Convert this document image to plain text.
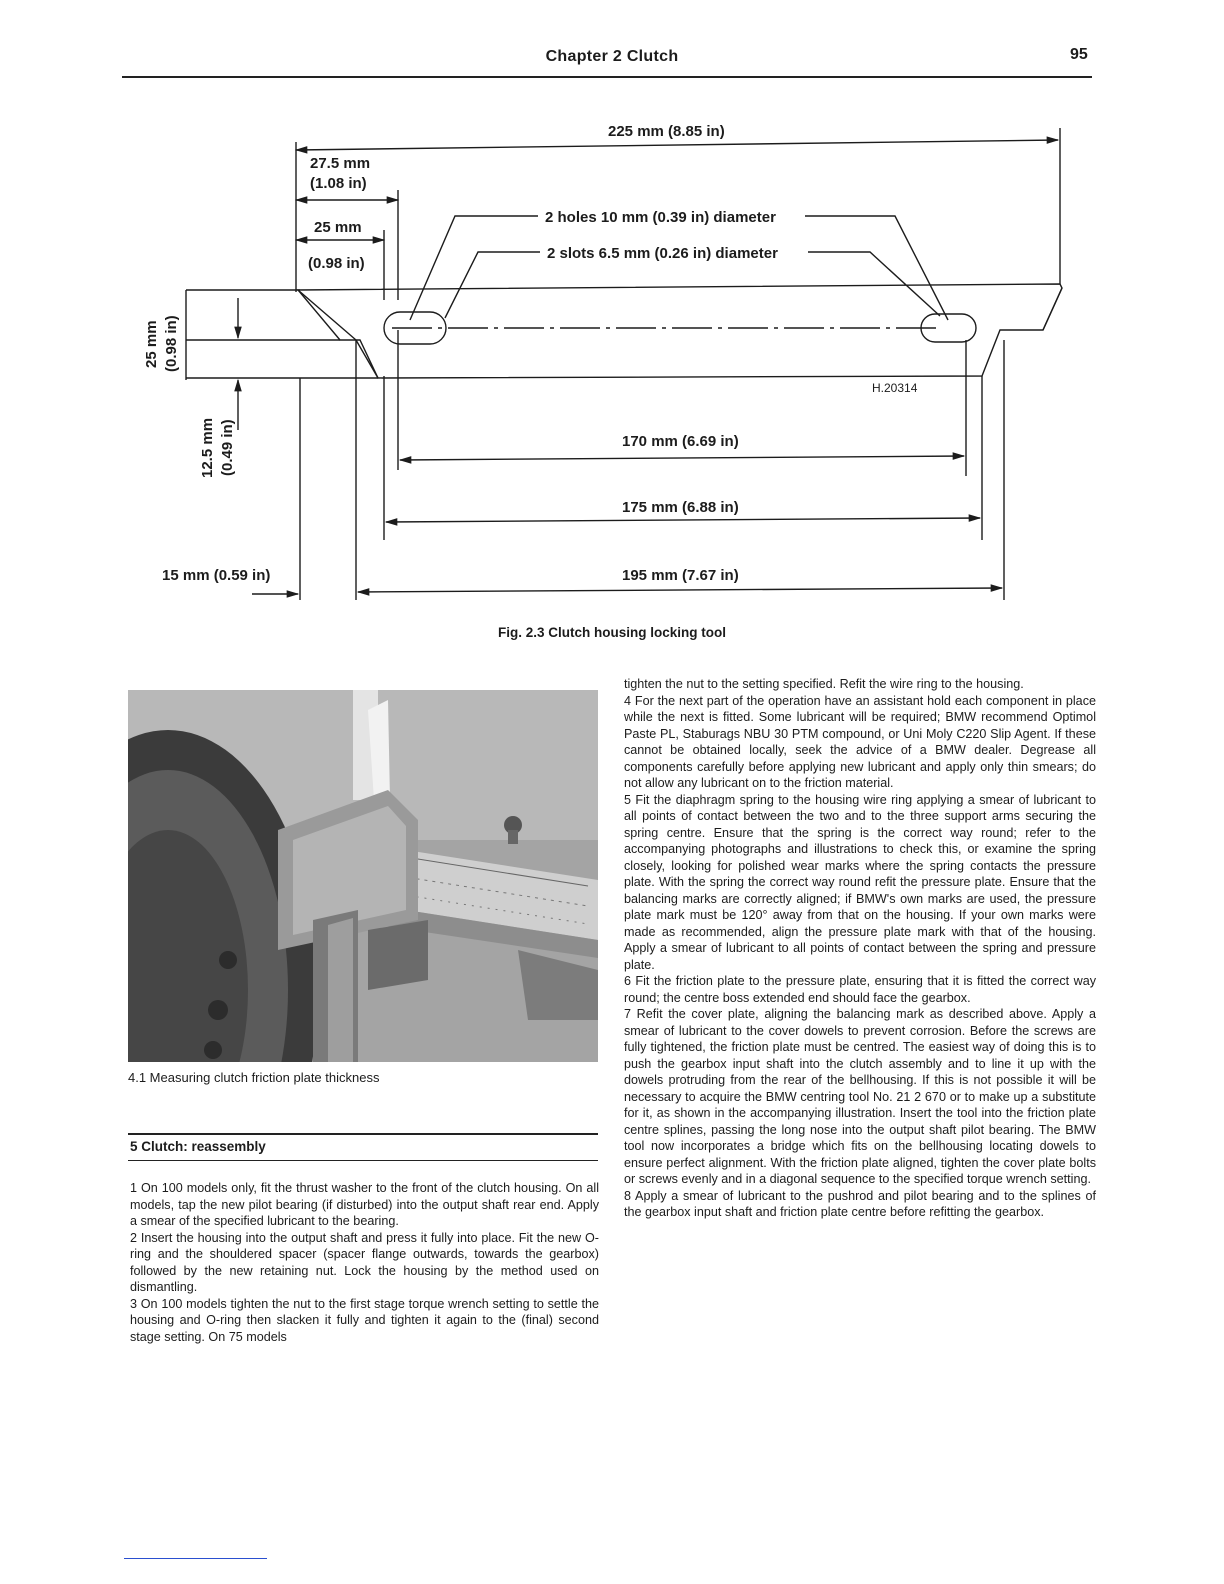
Chapter 2 Clutch	95
225 mm (8.85 in)
27.5 mm
(1.08 in)
25 mm
(0.98 in)
2 holes 10 mm (0.39 in) diameter
2 slots 6.5 mm (0.26 in) diameter
25 mm (0.98 in)
12.5 mm (0.49 in)
H.20314
170 mm (6.69 in)
175 mm (6.88 in)
15 mm (0.59 in)	195 mm (7.67 in)
Fig. 2.3 Clutch housing locking tool
4.1 Measuring clutch friction plate thickness
5 Clutch: reassembly

1 On 100 models only, fit the thrust washer to the front of the clutch housing. On all models, tap the new pilot bearing (if disturbed) into the output shaft rear end. Apply a smear of the specified lubricant to the bearing.

2 Insert the housing into the output shaft and press it fully into place. Fit the new O-ring and the shouldered spacer (spacer flange outwards, towards the gearbox) followed by the new retaining nut. Lock the housing by the method used on dismantling.

3 On 100 models tighten the nut to the first stage torque wrench setting to settle the housing and O-ring then slacken it fully and tighten it again to the (final) second stage setting. On 75 models

tighten the nut to the setting specified. Refit the wire ring to the housing.

4 For the next part of the operation have an assistant hold each component in place while the next is fitted. Some lubricant will be required; BMW recommend Optimol Paste PL, Staburags NBU 30 PTM compound, or Uni Moly C220 Slip Agent. If these cannot be obtained locally, seek the advice of a BMW dealer. Degrease all components carefully before applying new lubricant and apply only thin smears; do not allow any lubricant on to the friction material.

5 Fit the diaphragm spring to the housing wire ring applying a smear of lubricant to all points of contact between the two and to the three support arms securing the spring centre. Ensure that the spring is the correct way round; refer to the accompanying photographs and illustrations to check this, or examine the spring closely, looking for polished wear marks where the spring contacts the pressure plate. With the spring the correct way round refit the pressure plate. Ensure that the balancing marks are correctly aligned; if BMW's own marks are used, the pressure plate mark must be 120° away from that on the housing. If your own marks were made as recommended, align the pressure plate mark with that of the housing. Apply a smear of lubricant to all points of contact between the spring and pressure plate.

6 Fit the friction plate to the pressure plate, ensuring that it is fitted the correct way round; the centre boss extended end should face the gearbox.

7 Refit the cover plate, aligning the balancing mark as described above. Apply a smear of lubricant to the cover dowels to prevent corrosion. Before the screws are fully tightened, the friction plate must be centred. The easiest way of doing this is to push the gearbox input shaft into the clutch assembly and to line it up with the dowels protruding from the rear of the bellhousing. If this is not possible it will be necessary to acquire the BMW centring tool No. 21 2 670 or to make up a substitute for it, as shown in the accompanying illustration. Insert the tool into the friction plate centre splines, passing the long nose into the output shaft pilot bearing. The BMW tool now incorporates a bridge which fits on the bellhousing locating dowels to ensure perfect alignment. With the friction plate aligned, tighten the cover plate bolts or screws evenly and in a diagonal sequence to the specified torque wrench setting.

8 Apply a smear of lubricant to the pushrod and pilot bearing and to the splines of the gearbox input shaft and friction plate centre before refitting the gearbox.
